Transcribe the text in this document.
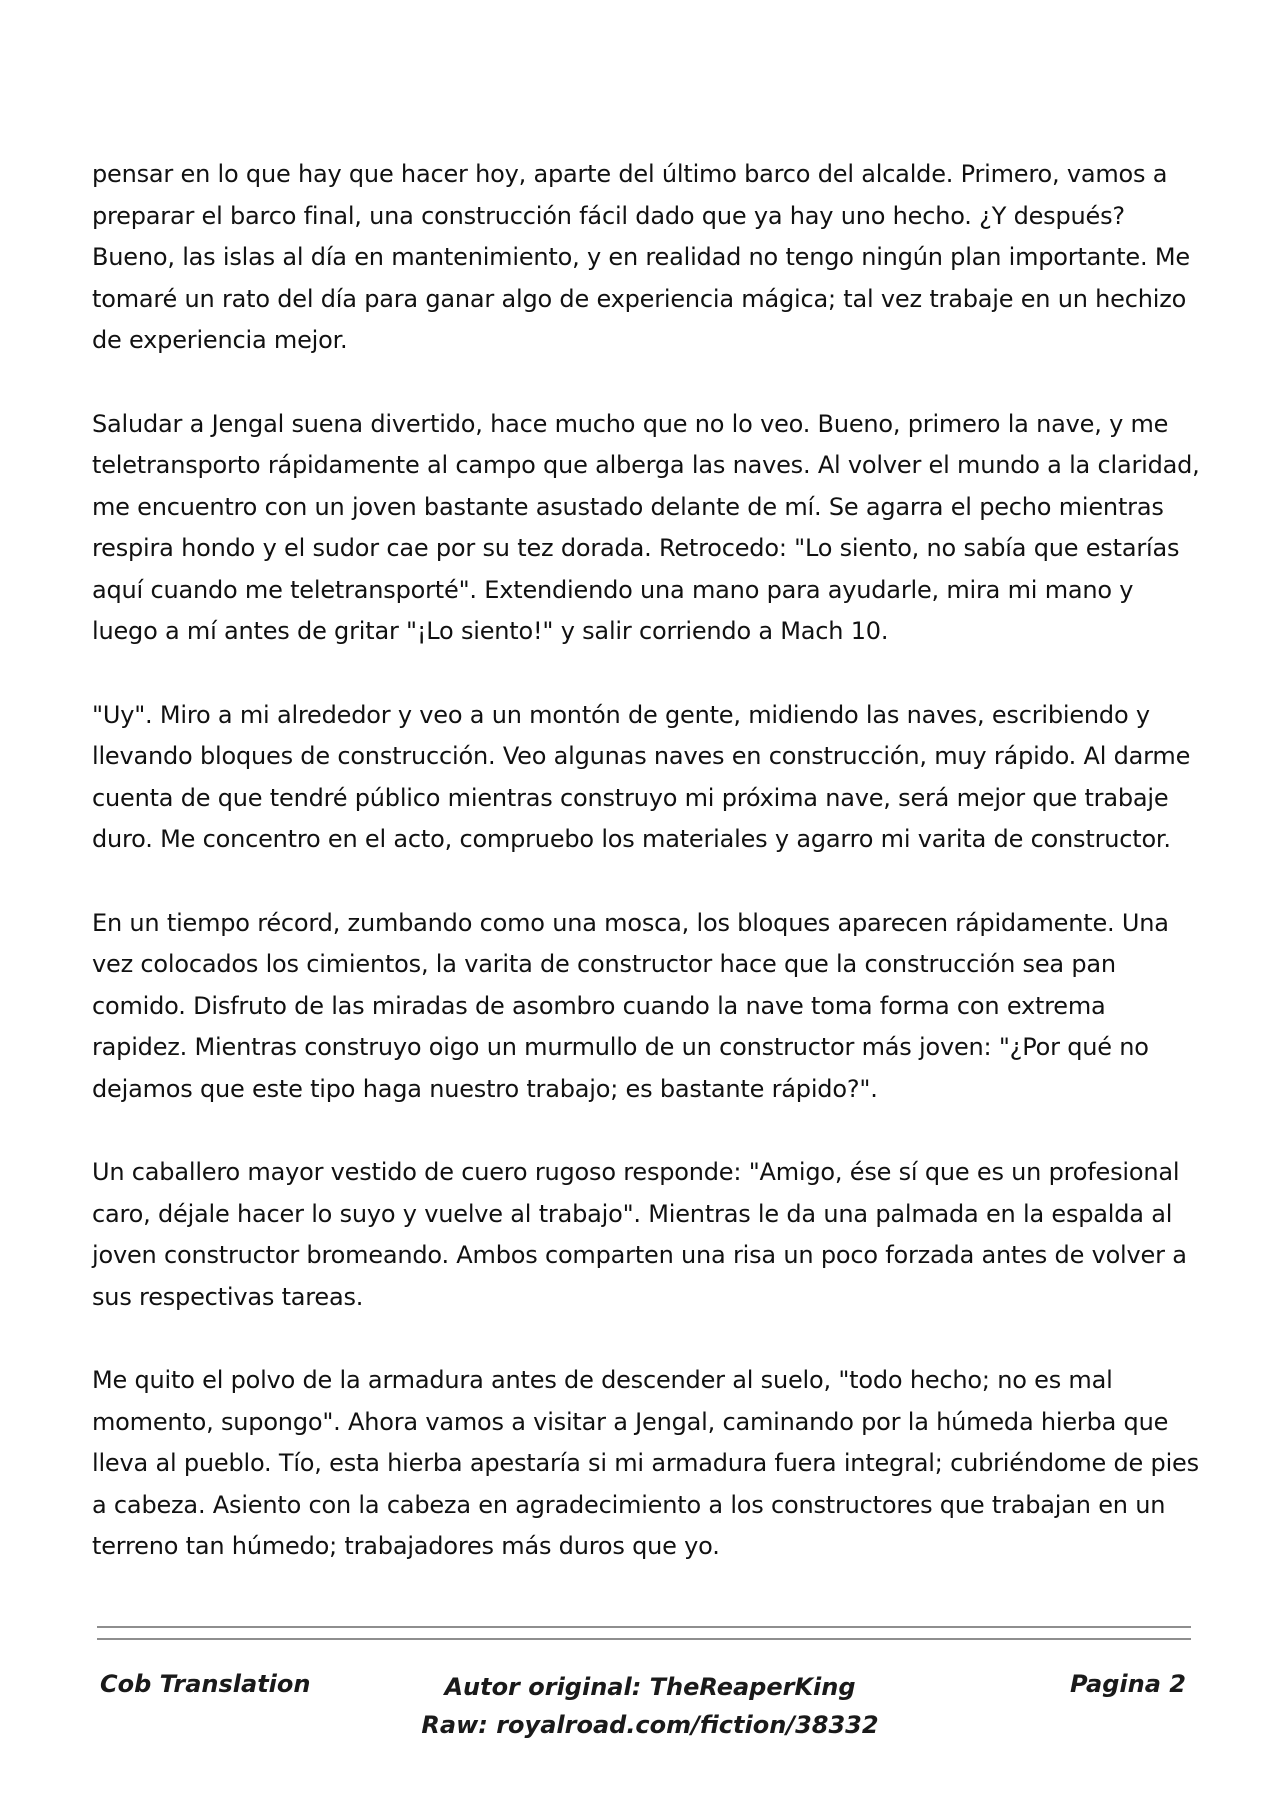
pensar en lo que hay que hacer hoy, aparte del último barco del alcalde. Primero, vamos a preparar el barco final, una construcción fácil dado que ya hay uno hecho. ¿Y después? Bueno, las islas al día en mantenimiento, y en realidad no tengo ningún plan importante. Me tomaré un rato del día para ganar algo de experiencia mágica; tal vez trabaje en un hechizo de experiencia mejor.

Saludar a Jengal suena divertido, hace mucho que no lo veo. Bueno, primero la nave, y me teletransporto rápidamente al campo que alberga las naves. Al volver el mundo a la claridad, me encuentro con un joven bastante asustado delante de mí. Se agarra el pecho mientras respira hondo y el sudor cae por su tez dorada. Retrocedo: "Lo siento, no sabía que estarías aquí cuando me teletransporté". Extendiendo una mano para ayudarle, mira mi mano y luego a mí antes de gritar "¡Lo siento!" y salir corriendo a Mach 10.

"Uy". Miro a mi alrededor y veo a un montón de gente, midiendo las naves, escribiendo y llevando bloques de construcción. Veo algunas naves en construcción, muy rápido. Al darme cuenta de que tendré público mientras construyo mi próxima nave, será mejor que trabaje duro. Me concentro en el acto, compruebo los materiales y agarro mi varita de constructor.

En un tiempo récord, zumbando como una mosca, los bloques aparecen rápidamente. Una vez colocados los cimientos, la varita de constructor hace que la construcción sea pan comido. Disfruto de las miradas de asombro cuando la nave toma forma con extrema rapidez. Mientras construyo oigo un murmullo de un constructor más joven: "¿Por qué no dejamos que este tipo haga nuestro trabajo; es bastante rápido?".

Un caballero mayor vestido de cuero rugoso responde: "Amigo, ése sí que es un profesional caro, déjale hacer lo suyo y vuelve al trabajo". Mientras le da una palmada en la espalda al joven constructor bromeando. Ambos comparten una risa un poco forzada antes de volver a sus respectivas tareas.

Me quito el polvo de la armadura antes de descender al suelo, "todo hecho; no es mal momento, supongo". Ahora vamos a visitar a Jengal, caminando por la húmeda hierba que lleva al pueblo. Tío, esta hierba apestaría si mi armadura fuera integral; cubriéndome de pies a cabeza. Asiento con la cabeza en agradecimiento a los constructores que trabajan en un terreno tan húmedo; trabajadores más duros que yo.

Cob Translation	Autor original: TheReaperKing
Raw: royalroad.com/fiction/38332
Pagina 2
